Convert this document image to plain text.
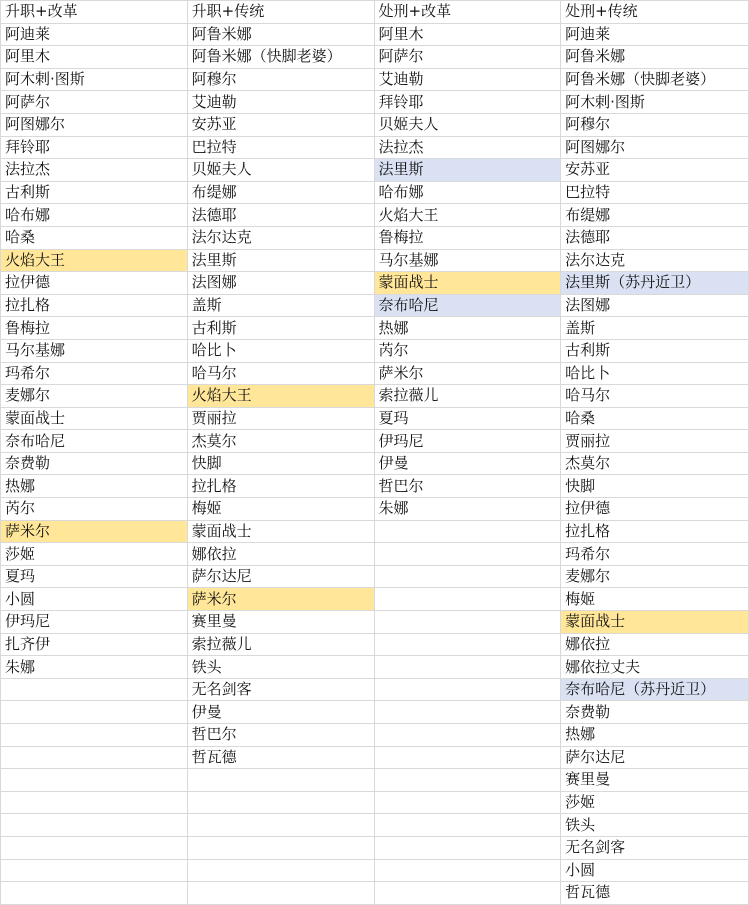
升职+改革	升职+传统	处刑+改革	处刑+传统
阿迪莱	阿鲁米娜	阿里木	阿迪莱
阿里木	阿鲁米娜（快脚老婆）	阿萨尔	阿鲁米娜
阿木剌·图斯	阿穆尔	艾迪勒	阿鲁米娜（快脚老婆）
阿萨尔	艾迪勒	拜铃耶	阿木剌·图斯
阿图娜尔	安苏亚	贝姬夫人	阿穆尔
拜铃耶	巴拉特	法拉杰	阿图娜尔
法拉杰	贝姬夫人	法里斯	安苏亚
古利斯	布缇娜	哈布娜	巴拉特
哈布娜	法德耶	火焰大王	布缇娜
哈桑	法尔达克	鲁梅拉	法德耶
火焰大王	法里斯	马尔基娜	法尔达克
拉伊德	法图娜	蒙面战士	法里斯（苏丹近卫）
拉扎格	盖斯	奈布哈尼	法图娜
鲁梅拉	古利斯	热娜	盖斯
马尔基娜	哈比卜	芮尔	古利斯
玛希尔	哈马尔	萨米尔	哈比卜
麦娜尔	火焰大王	索拉薇儿	哈马尔
蒙面战士	贾丽拉	夏玛	哈桑
奈布哈尼	杰莫尔	伊玛尼	贾丽拉
奈费勒	快脚	伊曼	杰莫尔
热娜	拉扎格	哲巴尔	快脚
芮尔	梅姬	朱娜	拉伊德
萨米尔	蒙面战士		拉扎格
莎姬	娜依拉		玛希尔
夏玛	萨尔达尼		麦娜尔
小圆	萨米尔		梅姬
伊玛尼	赛里曼		蒙面战士
扎齐伊	索拉薇儿		娜依拉
朱娜	铁头		娜依拉丈夫
	无名剑客		奈布哈尼（苏丹近卫）
	伊曼		奈费勒
	哲巴尔		热娜
	哲瓦德		萨尔达尼
			赛里曼
			莎姬
			铁头
			无名剑客
			小圆
			哲瓦德
